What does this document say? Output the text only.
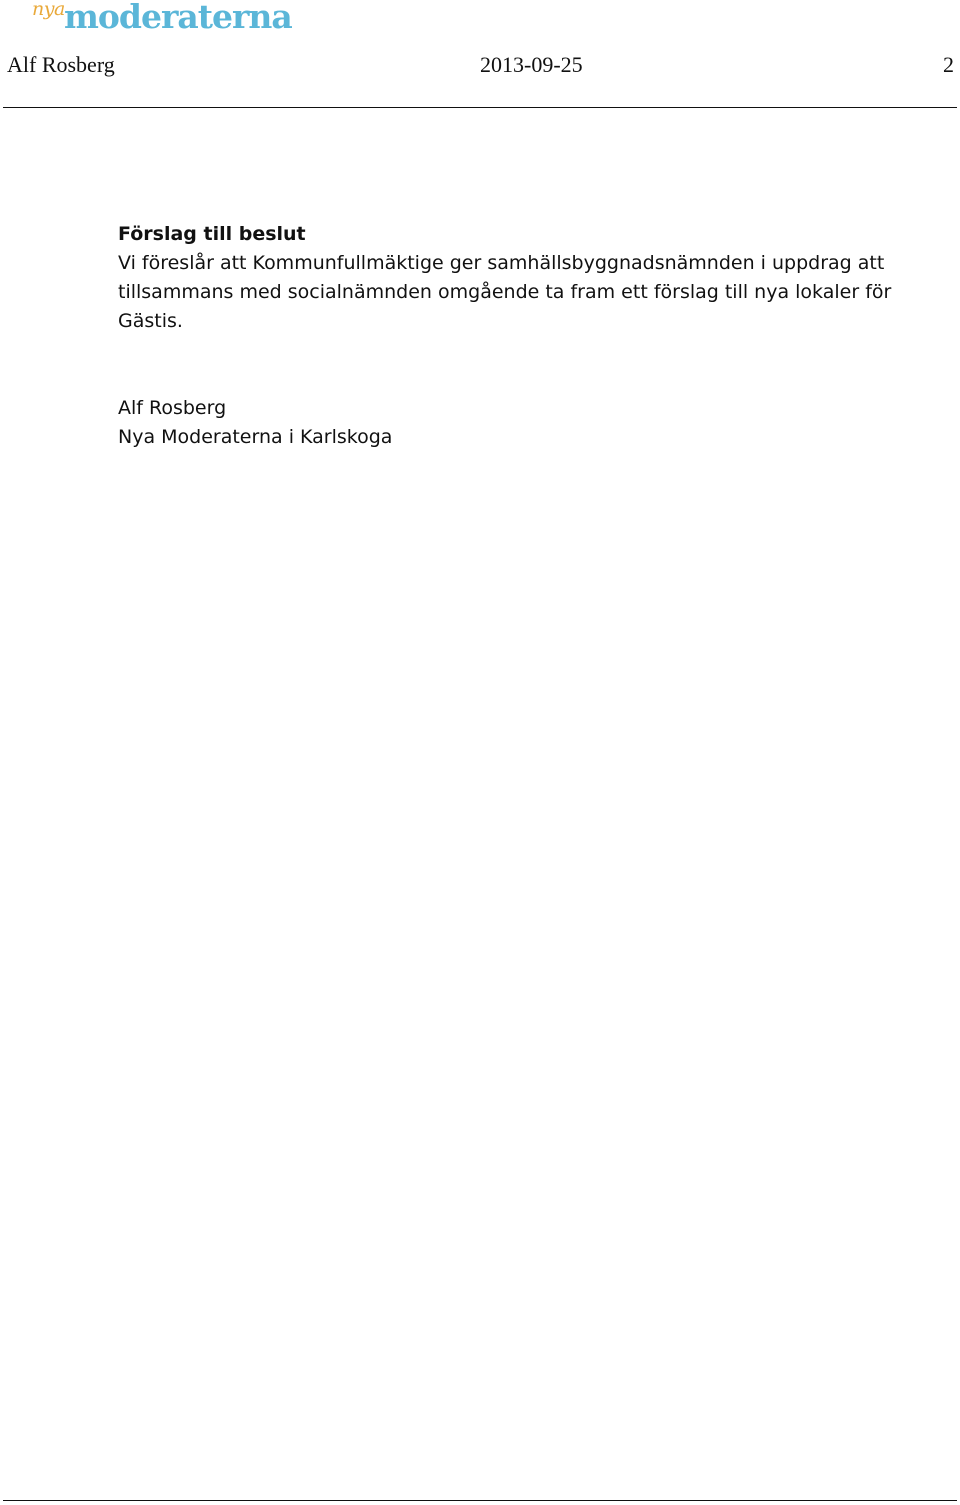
nya moderaterna
Alf Rosberg	2013-09-25	2
Förslag till beslut

Vi föreslår att Kommunfullmäktige ger samhällsbyggnadsnämnden i uppdrag att tillsammans med socialnämnden omgående ta fram ett förslag till nya lokaler för Gästis.

Alf Rosberg
Nya Moderaterna i Karlskoga
